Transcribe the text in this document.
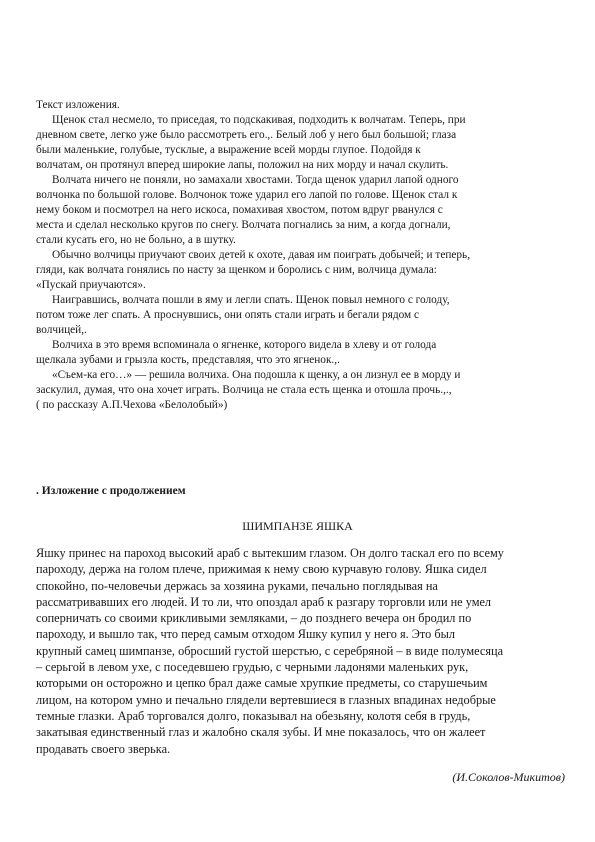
Текст изложения.

Щенок стал несмело, то приседая, то подскакивая, подходить к волчатам. Теперь, при
дневном свете, легко уже было рассмотреть его.,. Белый лоб у него был большой; глаза
были маленькие, голубые, тусклые, а выражение всей морды глупое. Подойдя к
волчатам, он протянул вперед широкие лапы, положил на них морду и начал скулить.

Волчата ничего не поняли, но замахали хвостами. Тогда щенок ударил лапой одного
волчонка по большой голове. Волчонок тоже ударил его лапой по голове. Щенок стал к
нему боком и посмотрел на него искоса, помахивая хвостом, потом вдруг рванулся с
места и сделал несколько кругов по снегу. Волчата погнались за ним, а когда догнали,
стали кусать его, но не больно, а в шутку.

Обычно волчицы приучают своих детей к охоте, давая им поиграть добычей; и теперь,
гляди, как волчата гонялись по насту за щенком и боролись с ним, волчица думала:
«Пускай приучаются».

Наигравшись, волчата пошли в яму и легли спать. Щенок повыл немного с голоду,
потом тоже лег спать. А проснувшись, они опять стали играть и бегали рядом с
волчицей,.

Волчиха в это время вспоминала о ягненке, которого видела в хлеву и от голода
щелкала зубами и грызла кость, представляя, что это ягненок.,.

«Съем-ка его…» — решила волчиха. Она подошла к щенку, а он лизнул ее в морду и
заскулил, думая, что она хочет играть. Волчица не стала есть щенка и отошла прочь.,.,

( по рассказу А.П.Чехова «Белолобый»)

. Изложение с продолжением
ШИМПАНЗЕ ЯШКА

Яшку принес на пароход высокий араб с вытекшим глазом. Он долго таскал его по всему
пароходу, держа на голом плече, прижимая к нему свою курчавую голову. Яшка сидел
спокойно, по-человечьи держась за хозяина руками, печально поглядывая на
рассматривавших его людей. И то ли, что опоздал араб к разгару торговли или не умел
соперничать со своими крикливыми земляками, – до позднего вечера он бродил по
пароходу, и вышло так, что перед самым отходом Яшку купил у него я. Это был
крупный самец шимпанзе, обросший густой шерстью, с серебряной – в виде полумесяца
– серьгой в левом ухе, с поседевшею грудью, с черными ладонями маленьких рук,
которыми он осторожно и цепко брал даже самые хрупкие предметы, со старушечьим
лицом, на котором умно и печально глядели вертевшиеся в глазных впадинах недобрые
темные глазки. Араб торговался долго, показывал на обезьяну, колотя себя в грудь,
закатывая единственный глаз и жалобно скаля зубы. И мне показалось, что он жалеет
продавать своего зверька.

(И.Соколов-Микитов)
